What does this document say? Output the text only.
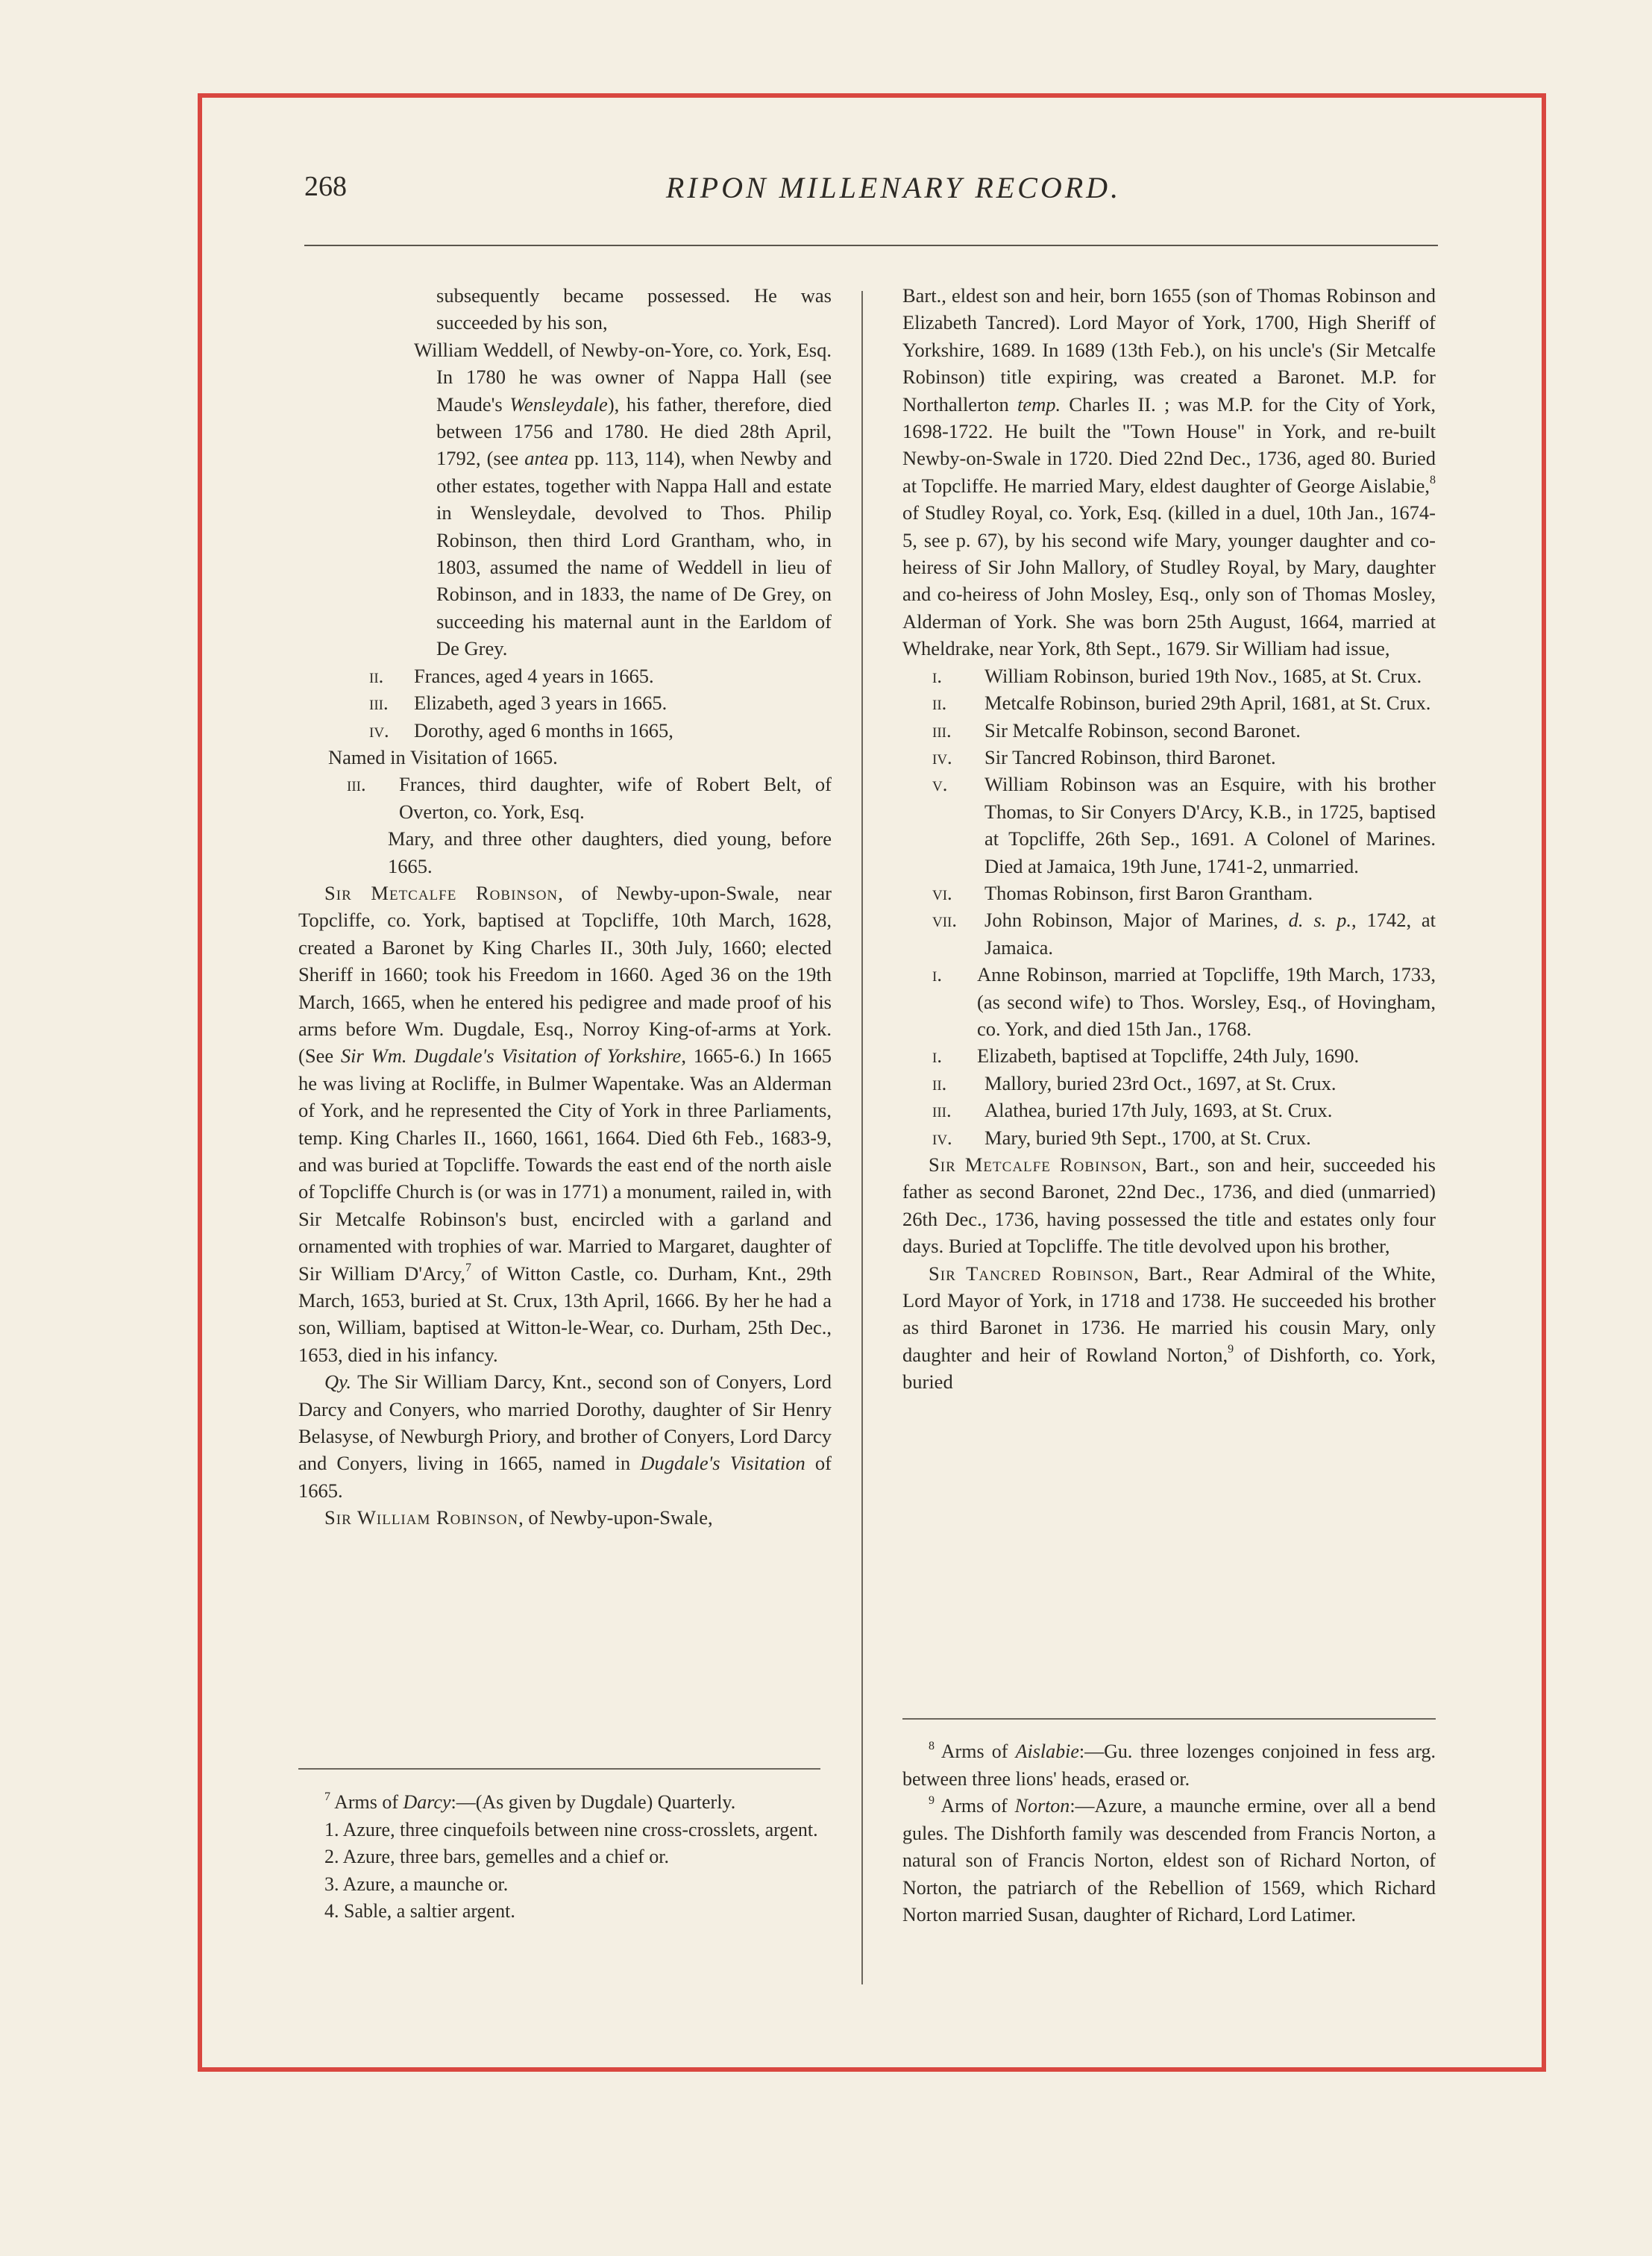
268	RIPON MILLENARY RECORD.

subsequently became possessed. He was succeeded by his son,

William Weddell, of Newby-on-Yore, co. York, Esq. In 1780 he was owner of Nappa Hall (see Maude's Wensleydale), his father, therefore, died between 1756 and 1780. He died 28th April, 1792, (see antea pp. 113, 114), when Newby and other estates, together with Nappa Hall and estate in Wensleydale, devolved to Thos. Philip Robinson, then third Lord Grantham, who, in 1803, assumed the name of Weddell in lieu of Robinson, and in 1833, the name of De Grey, on succeeding his maternal aunt in the Earldom of De Grey.

ii.	Frances, aged 4 years in 1665.
iii.	Elizabeth, aged 3 years in 1665.
iv.	Dorothy, aged 6 months in 1665,

Named in Visitation of 1665.

iii.	Frances, third daughter, wife of Robert Belt, of Overton, co. York, Esq.

Mary, and three other daughters, died young, before 1665.

Sir Metcalfe Robinson, of Newby-upon-Swale, near Topcliffe, co. York, baptised at Topcliffe, 10th March, 1628, created a Baronet by King Charles II., 30th July, 1660; elected Sheriff in 1660; took his Freedom in 1660. Aged 36 on the 19th March, 1665, when he entered his pedigree and made proof of his arms before Wm. Dugdale, Esq., Norroy King-of-arms at York. (See Sir Wm. Dugdale's Visitation of Yorkshire, 1665-6.) In 1665 he was living at Rocliffe, in Bulmer Wapentake. Was an Alderman of York, and he represented the City of York in three Parliaments, temp. King Charles II., 1660, 1661, 1664. Died 6th Feb., 1683-9, and was buried at Topcliffe. Towards the east end of the north aisle of Topcliffe Church is (or was in 1771) a monument, railed in, with Sir Metcalfe Robinson's bust, encircled with a garland and ornamented with trophies of war. Married to Margaret, daughter of Sir William D'Arcy,$^7$ of Witton Castle, co. Durham, Knt., 29th March, 1653, buried at St. Crux, 13th April, 1666. By her he had a son, William, baptised at Witton-le-Wear, co. Durham, 25th Dec., 1653, died in his infancy.

Qy. The Sir William Darcy, Knt., second son of Conyers, Lord Darcy and Conyers, who married Dorothy, daughter of Sir Henry Belasyse, of Newburgh Priory, and brother of Conyers, Lord Darcy and Conyers, living in 1665, named in Dugdale's Visitation of 1665.

Sir William Robinson, of Newby-upon-Swale,

Bart., eldest son and heir, born 1655 (son of Thomas Robinson and Elizabeth Tancred). Lord Mayor of York, 1700, High Sheriff of Yorkshire, 1689. In 1689 (13th Feb.), on his uncle's (Sir Metcalfe Robinson) title expiring, was created a Baronet. M.P. for Northallerton temp. Charles II. ; was M.P. for the City of York, 1698-1722. He built the "Town House" in York, and re-built Newby-on-Swale in 1720. Died 22nd Dec., 1736, aged 80. Buried at Topcliffe. He married Mary, eldest daughter of George Aislabie,$^8$ of Studley Royal, co. York, Esq. (killed in a duel, 10th Jan., 1674-5, see p. 67), by his second wife Mary, younger daughter and co-heiress of Sir John Mallory, of Studley Royal, by Mary, daughter and co-heiress of John Mosley, Esq., only son of Thomas Mosley, Alderman of York. She was born 25th August, 1664, married at Wheldrake, near York, 8th Sept., 1679. Sir William had issue,

i.	William Robinson, buried 19th Nov., 1685, at St. Crux.
ii.	Metcalfe Robinson, buried 29th April, 1681, at St. Crux.
iii.	Sir Metcalfe Robinson, second Baronet.
iv.	Sir Tancred Robinson, third Baronet.
v.	William Robinson was an Esquire, with his brother Thomas, to Sir Conyers D'Arcy, K.B., in 1725, baptised at Topcliffe, 26th Sep., 1691. A Colonel of Marines. Died at Jamaica, 19th June, 1741-2, unmarried.
vi.	Thomas Robinson, first Baron Grantham.
vii.	John Robinson, Major of Marines, d. s. p., 1742, at Jamaica.
i.	Anne Robinson, married at Topcliffe, 19th March, 1733, (as second wife) to Thos. Worsley, Esq., of Hovingham, co. York, and died 15th Jan., 1768.
i.	Elizabeth, baptised at Topcliffe, 24th July, 1690.
ii.	Mallory, buried 23rd Oct., 1697, at St. Crux.
iii.	Alathea, buried 17th July, 1693, at St. Crux.
iv.	Mary, buried 9th Sept., 1700, at St. Crux.

Sir Metcalfe Robinson, Bart., son and heir, succeeded his father as second Baronet, 22nd Dec., 1736, and died (unmarried) 26th Dec., 1736, having possessed the title and estates only four days. Buried at Topcliffe. The title devolved upon his brother,

Sir Tancred Robinson, Bart., Rear Admiral of the White, Lord Mayor of York, in 1718 and 1738. He succeeded his brother as third Baronet in 1736. He married his cousin Mary, only daughter and heir of Rowland Norton,$^9$ of Dishforth, co. York, buried

$^7$ Arms of Darcy:—(As given by Dugdale) Quarterly.

1. Azure, three cinquefoils between nine cross-crosslets, argent.

2. Azure, three bars, gemelles and a chief or.

3. Azure, a maunche or.

4. Sable, a saltier argent.

$^8$ Arms of Aislabie:—Gu. three lozenges conjoined in fess arg. between three lions' heads, erased or.

$^9$ Arms of Norton:—Azure, a maunche ermine, over all a bend gules. The Dishforth family was descended from Francis Norton, a natural son of Francis Norton, eldest son of Richard Norton, of Norton, the patriarch of the Rebellion of 1569, which Richard Norton married Susan, daughter of Richard, Lord Latimer.
